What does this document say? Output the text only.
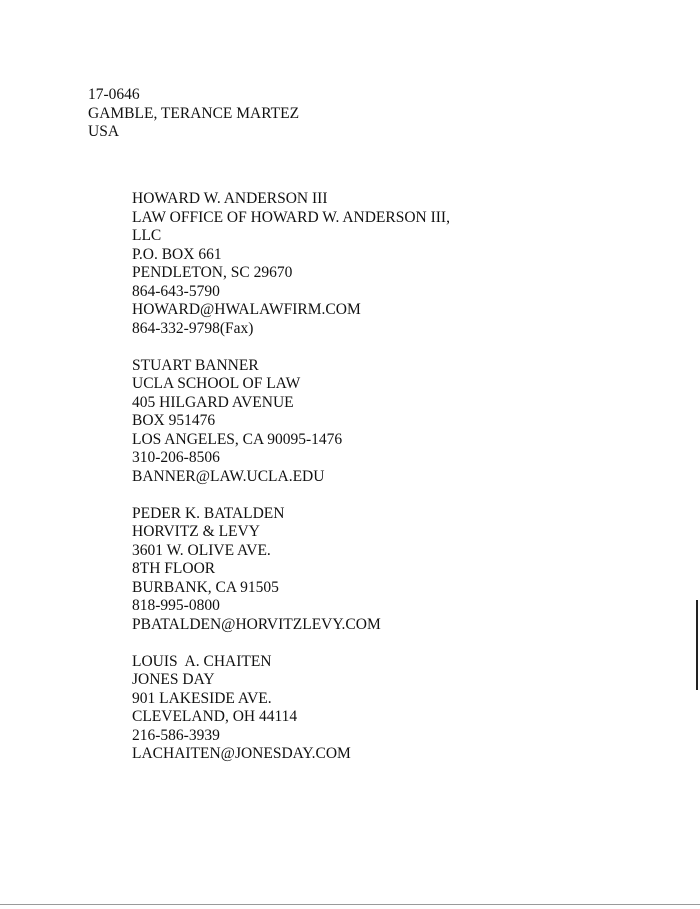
17-0646
GAMBLE, TERANCE MARTEZ
USA
HOWARD W. ANDERSON III
LAW OFFICE OF HOWARD W. ANDERSON III,
LLC
P.O. BOX 661
PENDLETON, SC 29670
864-643-5790
HOWARD@HWALAWFIRM.COM
864-332-9798(Fax)
STUART BANNER
UCLA SCHOOL OF LAW
405 HILGARD AVENUE
BOX 951476
LOS ANGELES, CA 90095-1476
310-206-8506
BANNER@LAW.UCLA.EDU
PEDER K. BATALDEN
HORVITZ & LEVY
3601 W. OLIVE AVE.
8TH FLOOR
BURBANK, CA 91505
818-995-0800
PBATALDEN@HORVITZLEVY.COM
LOUIS  A. CHAITEN
JONES DAY
901 LAKESIDE AVE.
CLEVELAND, OH 44114
216-586-3939
LACHAITEN@JONESDAY.COM
